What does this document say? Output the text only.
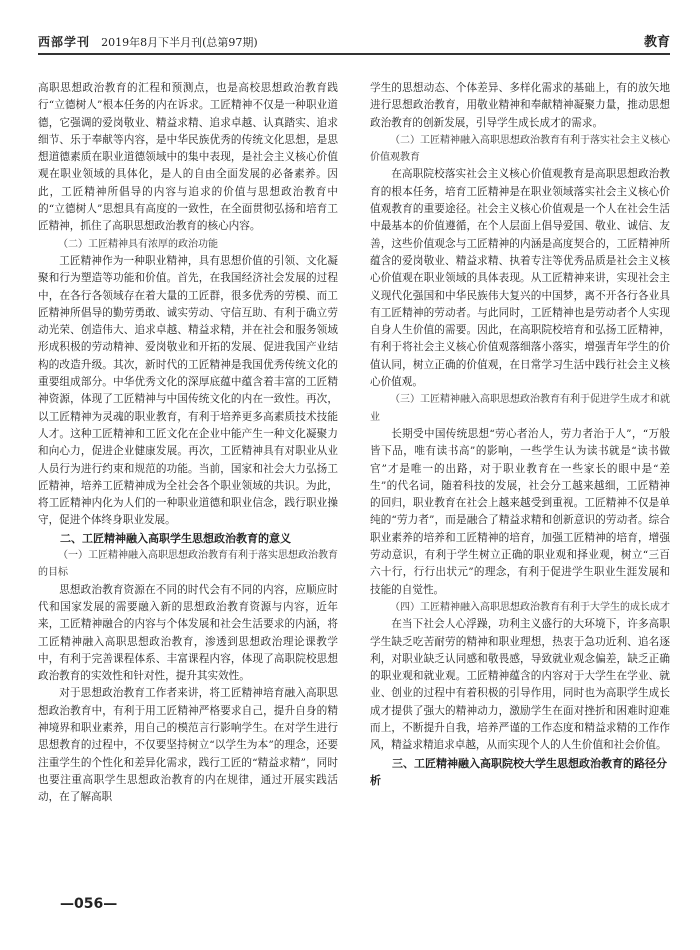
西部学刊 2019年8月下半月刊(总第97期)	教育

高职思想政治教育的汇程和预测点，也是高校思想政治教育践行“立德树人”根本任务的内在诉求。工匠精神不仅是一种职业道德，它强调的爱岗敬业、精益求精、追求卓越、认真踏实、追求细节、乐于奉献等内容，是中华民族优秀的传统文化思想，是思想道德素质在职业道德领域中的集中表现，是社会主义核心价值观在职业领域的具体化，是人的自由全面发展的必备素养。因此，工匠精神所倡导的内容与追求的价值与思想政治教育中的“立德树人”思想具有高度的一致性，在全面贯彻弘扬和培育工匠精神，抓住了高职思想政治教育的核心内容。

（二）工匠精神具有浓厚的政治功能

工匠精神作为一种职业精神，具有思想价值的引领、文化凝聚和行为塑造等功能和价值。首先，在我国经济社会发展的过程中，在各行各领域存在着大量的工匠群，很多优秀的劳模、而工匠精神所倡导的勤劳勇敢、诚实劳动、守信互助、有利于确立劳动光荣、创造伟大、追求卓越、精益求精，并在社会和服务领域形成积极的劳动精神、爱岗敬业和开拓的发展、促进我国产业结构的改造升级。其次，新时代的工匠精神是我国优秀传统文化的重要组成部分。中华优秀文化的深厚底蕴中蕴含着丰富的工匠精神资源，体现了工匠精神与中国传统文化的内在一致性。再次，以工匠精神为灵魂的职业教育，有利于培养更多高素质技术技能人才。这种工匠精神和工匠文化在企业中能产生一种文化凝聚力和向心力，促进企业健康发展。再次，工匠精神具有对职业从业人员行为进行约束和规范的功能。当前，国家和社会大力弘扬工匠精神，培养工匠精神成为全社会各个职业领域的共识。为此，将工匠精神内化为人们的一种职业道德和职业信念，践行职业操守，促进个体终身职业发展。

二、工匠精神融入高职学生思想政治教育的意义

（一）工匠精神融入高职思想政治教育有利于落实思想政治教育的目标

思想政治教育资源在不同的时代会有不同的内容，应顺应时代和国家发展的需要融入新的思想政治教育资源与内容，近年来，工匠精神融合的内容与个体发展和社会生活要求的内涵，将工匠精神融入高职思想政治教育，渗透到思想政治理论课教学中，有利于完善课程体系、丰富课程内容，体现了高职院校思想政治教育的实效性和针对性，提升其实效性。

对于思想政治教育工作者来讲，将工匠精神培育融入高职思想政治教育中，有利于用工匠精神严格要求自己，提升自身的精神境界和职业素养，用自己的模范言行影响学生。在对学生进行思想教育的过程中，不仅要坚持树立“以学生为本”的理念，还要注重学生的个性化和差异化需求，践行工匠的“精益求精”，同时也要注重高职学生思想政治教育的内在规律，通过开展实践活动，在了解高职

学生的思想动态、个体差异、多样化需求的基础上，有的放矢地进行思想政治教育，用敬业精神和奉献精神凝聚力量，推动思想政治教育的创新发展，引导学生成长成才的需求。

（二）工匠精神融入高职思想政治教育有利于落实社会主义核心价值观教育

在高职院校落实社会主义核心价值观教育是高职思想政治教育的根本任务，培育工匠精神是在职业领域落实社会主义核心价值观教育的重要途径。社会主义核心价值观是一个人在社会生活中最基本的价值遵循，在个人层面上倡导爱国、敬业、诚信、友善，这些价值观念与工匠精神的内涵是高度契合的，工匠精神所蕴含的爱岗敬业、精益求精、执着专注等优秀品质是社会主义核心价值观在职业领域的具体表现。从工匠精神来讲，实现社会主义现代化强国和中华民族伟大复兴的中国梦，离不开各行各业具有工匠精神的劳动者。与此同时，工匠精神也是劳动者个人实现自身人生价值的需要。因此，在高职院校培育和弘扬工匠精神，有利于将社会主义核心价值观落细落小落实，增强青年学生的价值认同，树立正确的价值观，在日常学习生活中践行社会主义核心价值观。

（三）工匠精神融入高职思想政治教育有利于促进学生成才和就业

长期受中国传统思想“劳心者治人，劳力者治于人”，“万般皆下品，唯有读书高”的影响，一些学生认为读书就是“读书做官”才是唯一的出路，对于职业教育在一些家长的眼中是“差生”的代名词，随着科技的发展，社会分工越来越细，工匠精神的回归，职业教育在社会上越来越受到重视。工匠精神不仅是单纯的“劳力者”，而是融合了精益求精和创新意识的劳动者。综合职业素养的培养和工匠精神的培育，加强工匠精神的培育，增强劳动意识，有利于学生树立正确的职业观和择业观，树立“三百六十行，行行出状元”的理念，有利于促进学生职业生涯发展和技能的自觉性。

（四）工匠精神融入高职思想政治教育有利于大学生的成长成才

在当下社会人心浮躁，功利主义盛行的大环境下，许多高职学生缺乏吃苦耐劳的精神和职业理想，热衷于急功近利、追名逐利，对职业缺乏认同感和敬畏感，导致就业观念偏差，缺乏正确的职业观和就业观。工匠精神蕴含的内容对于大学生在学业、就业、创业的过程中有着积极的引导作用，同时也为高职学生成长成才提供了强大的精神动力，激励学生在面对挫折和困难时迎难而上，不断提升自我，培养严谨的工作态度和精益求精的工作作风，精益求精追求卓越，从而实现个人的人生价值和社会价值。

三、工匠精神融入高职院校大学生思想政治教育的路径分析

—056—
